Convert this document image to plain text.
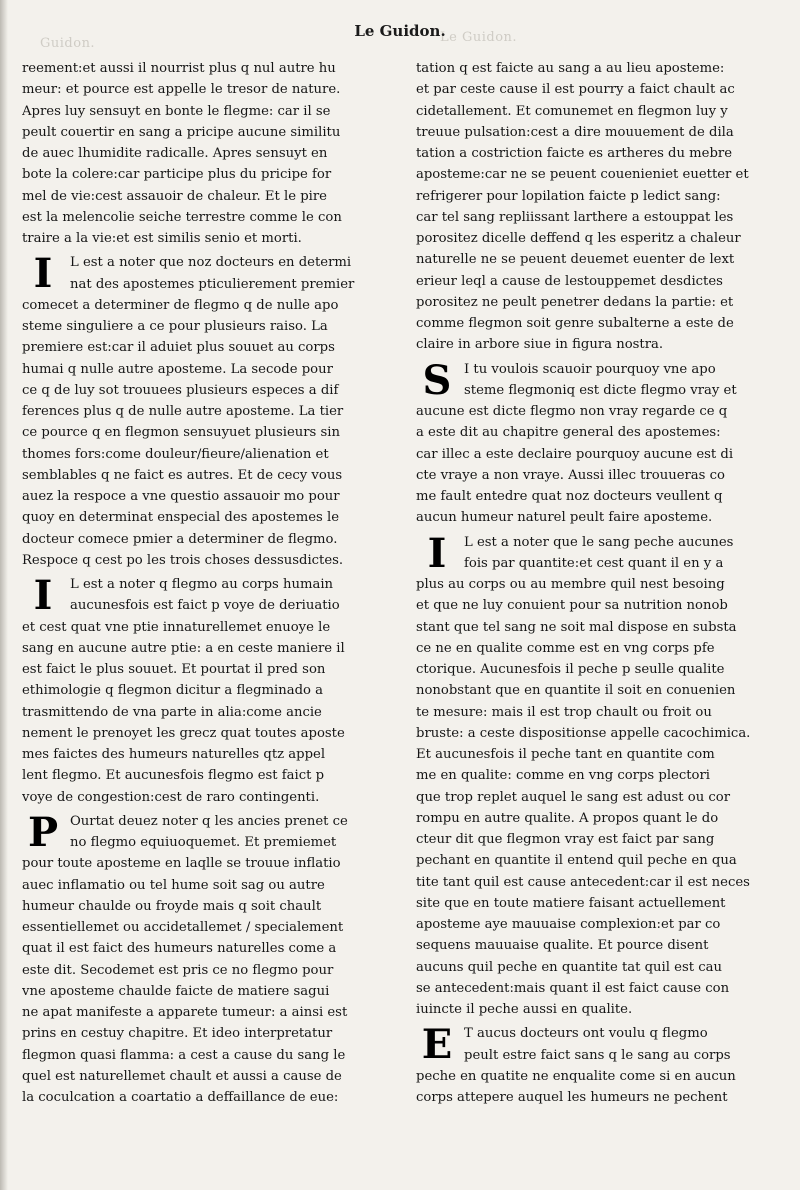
Guidon.	Le Guidon.
Le Guidon.
reement:et aussi il nourrist plus q nul autre hu
meur: et pource est appelle le tresor de nature.
Apres luy sensuyt en bonte le flegme: car il se
peult couertir en sang a pricipe aucune similitu
de auec lhumidite radicalle. Apres sensuyt en
bote la colere:car participe plus du pricipe for
mel de vie:cest assauoir de chaleur. Et le pire
est la melencolie seiche terrestre comme le con
traire a la vie:et est similis senio et morti.
I	L est a noter que noz docteurs en determi
nat des apostemes pticulierement premier
comecet a determiner de flegmo q de nulle apo
steme singuliere a ce pour plusieurs raiso. La
premiere est:car il aduiet plus souuet au corps
humai q nulle autre aposteme. La secode pour
ce q de luy sot trouuees plusieurs especes a dif
ferences plus q de nulle autre aposteme. La tier
ce pource q en flegmon sensuyuet plusieurs sin
thomes fors:come douleur/fieure/alienation et
semblables q ne faict es autres. Et de cecy vous
auez la respoce a vne questio assauoir mo pour
quoy en determinat enspecial des apostemes le
docteur comece pmier a determiner de flegmo.
Respoce q cest po les trois choses dessusdictes.
I	L est a noter q flegmo au corps humain
aucunesfois est faict p voye de deriuatio
et cest quat vne ptie innaturellemet enuoye le
sang en aucune autre ptie: a en ceste maniere il
est faict le plus souuet. Et pourtat il pred son
ethimologie q flegmon dicitur a flegminado a
trasmittendo de vna parte in alia:come ancie
nement le prenoyet les grecz quat toutes aposte
mes faictes des humeurs naturelles qtz appel
lent flegmo. Et aucunesfois flegmo est faict p
voye de congestion:cest de raro contingenti.
P Ourtat deuez noter q les ancies prenet ce
no flegmo equiuoquemet. Et premiemet
pour toute aposteme en laqlle se trouue inflatio
auec inflamatio ou tel hume soit sag ou autre
humeur chaulde ou froyde mais q soit chault
essentiellemet ou accidetallemet / specialement
quat il est faict des humeurs naturelles come a
este dit. Secodemet est pris ce no flegmo pour
vne aposteme chaulde faicte de matiere sagui
ne apat manifeste a apparete tumeur: a ainsi est
prins en cestuy chapitre. Et ideo interpretatur
flegmon quasi flamma: a cest a cause du sang le
quel est naturellemet chault et aussi a cause de
la coculcation a coartatio a deffaillance de eue:
tation q est faicte au sang a au lieu aposteme:
et par ceste cause il est pourry a faict chault ac
cidetallement. Et comunemet en flegmon luy y
treuue pulsation:cest a dire mouuement de dila
tation a costriction faicte es artheres du mebre
aposteme:car ne se peuent couenieniet euetter et
refrigerer pour lopilation faicte p ledict sang:
car tel sang repliissant larthere a estouppat les
porositez dicelle deffend q les esperitz a chaleur
naturelle ne se peuent deuemet euenter de lext
erieur leql a cause de lestouppemet desdictes
porositez ne peult penetrer dedans la partie: et
comme flegmon soit genre subalterne a este de
claire in arbore siue in figura nostra.
S I tu voulois scauoir pourquoy vne apo
steme flegmoniq est dicte flegmo vray et
aucune est dicte flegmo non vray regarde ce q
a este dit au chapitre general des apostemes:
car illec a este declaire pourquoy aucune est di
cte vraye a non vraye. Aussi illec trouueras co
me fault entedre quat noz docteurs veullent q
aucun humeur naturel peult faire aposteme.
I	L est a noter que le sang peche aucunes
fois par quantite:et cest quant il en y a
plus au corps ou au membre quil nest besoing
et que ne luy conuient pour sa nutrition nonob
stant que tel sang ne soit mal dispose en substa
ce ne en qualite comme est en vng corps pfe
ctorique. Aucunesfois il peche p seulle qualite
nonobstant que en quantite il soit en conuenien
te mesure: mais il est trop chault ou froit ou
bruste: a ceste dispositionse appelle cacochimica.
Et aucunesfois il peche tant en quantite com
me en qualite: comme en vng corps plectori
que trop replet auquel le sang est adust ou cor
rompu en autre qualite. A propos quant le do
cteur dit que flegmon vray est faict par sang
pechant en quantite il entend quil peche en qua
tite tant quil est cause antecedent:car il est neces
site que en toute matiere faisant actuellement
aposteme aye mauuaise complexion:et par co
sequens mauuaise qualite. Et pource disent
aucuns quil peche en quantite tat quil est cau
se antecedent:mais quant il est faict cause con
iuincte il peche aussi en qualite.
E T aucus docteurs ont voulu q flegmo
peult estre faict sans q le sang au corps
peche en quatite ne enqualite come si en aucun
corps attepere auquel les humeurs ne pechent
